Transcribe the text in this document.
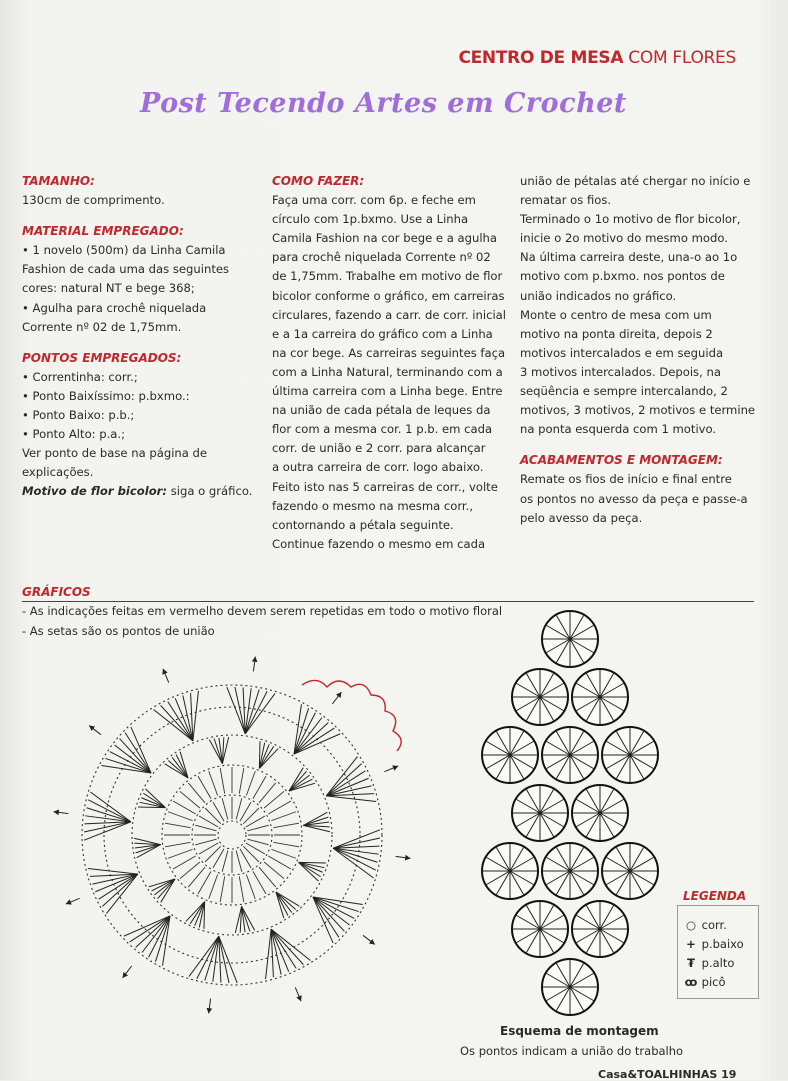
CENTRO DE MESA COM FLORES
Post Tecendo Artes em Crochet
TAMANHO:
130cm de comprimento.
MATERIAL EMPREGADO:
• 1 novelo (500m) da Linha Camila
Fashion de cada uma das seguintes
cores: natural NT e bege 368;
• Agulha para crochê niquelada
Corrente nº 02 de 1,75mm.
PONTOS EMPREGADOS:
• Correntinha: corr.;
• Ponto Baixíssimo: p.bxmo.:
• Ponto Baixo: p.b.;
• Ponto Alto: p.a.;
Ver ponto de base na página de
explicações.
Motivo de flor bicolor: siga o gráfico.
COMO FAZER:
Faça uma corr. com 6p. e feche em
círculo com 1p.bxmo. Use a Linha
Camila Fashion na cor bege e a agulha
para crochê niquelada Corrente nº 02
de 1,75mm. Trabalhe em motivo de flor
bicolor conforme o gráfico, em carreiras
circulares, fazendo a carr. de corr. inicial
e a 1a carreira do gráfico com a Linha
na cor bege. As carreiras seguintes faça
com a Linha Natural, terminando com a
última carreira com a Linha bege. Entre
na união de cada pétala de leques da
flor com a mesma cor. 1 p.b. em cada
corr. de união e 2 corr. para alcançar
a outra carreira de corr. logo abaixo.
Feito isto nas 5 carreiras de corr., volte
fazendo o mesmo na mesma corr.,
contornando a pétala seguinte.
Continue fazendo o mesmo em cada
união de pétalas até chergar no início e
rematar os fios.
Terminado o 1o motivo de flor bicolor,
inicie o 2o motivo do mesmo modo.
Na última carreira deste, una-o ao 1o
motivo com p.bxmo. nos pontos de
união indicados no gráfico.
Monte o centro de mesa com um
motivo na ponta direita, depois 2
motivos intercalados e em seguida
3 motivos intercalados. Depois, na
seqüência e sempre intercalando, 2
motivos, 3 motivos, 2 motivos e termine
na ponta esquerda com 1 motivo.
ACABAMENTOS E MONTAGEM:
Remate os fios de início e final entre
os pontos no avesso da peça e passe-a
pelo avesso da peça.
GRÁFICOS
- As indicações feitas em vermelho devem serem repetidas em todo o motivo floral
- As setas são os pontos de união
LEGENDA
○ corr.
+ p.baixo
₮ p.alto
ꝏ picô
Esquema de montagem
Os pontos indicam a união do trabalho
Casa&TOALHINHAS 19
